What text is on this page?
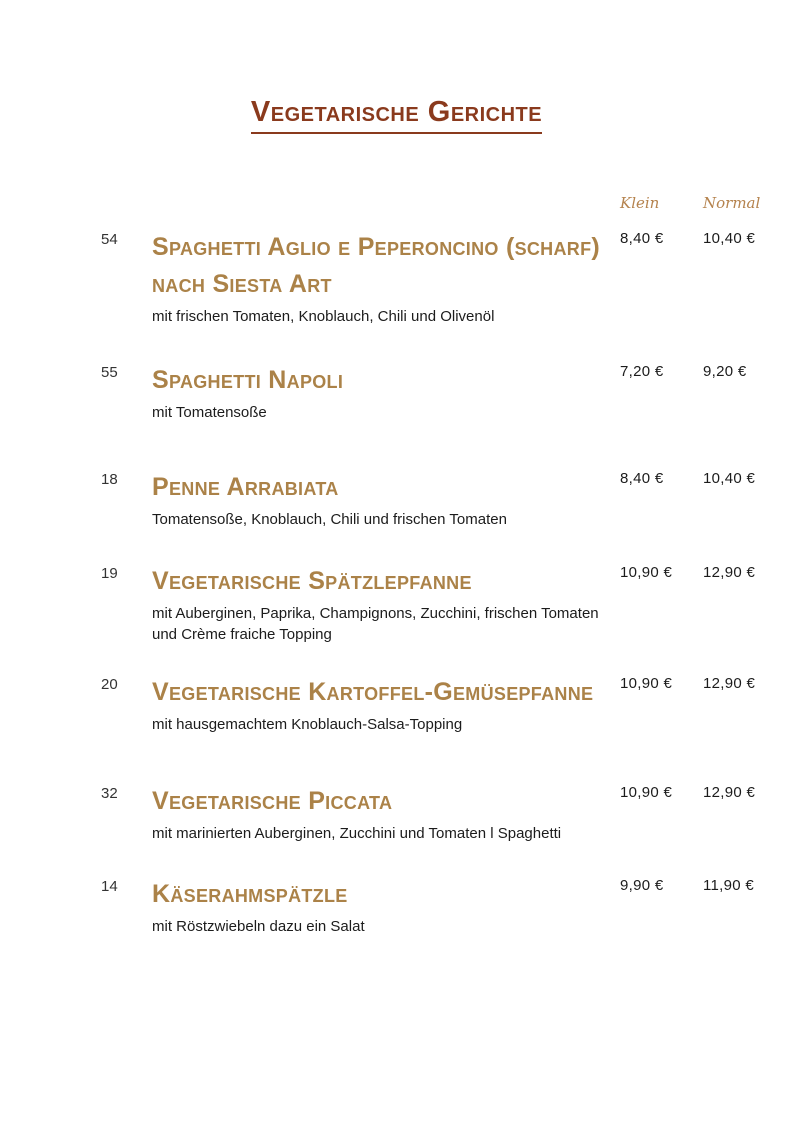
Vegetarische Gerichte
Klein	Normal
54 Spaghetti Aglio e Peperoncino (scharf) nach Siesta Art
mit frischen Tomaten, Knoblauch, Chili und Olivenöl
8,40 €	10,40 €
55 Spaghetti Napoli
mit Tomatensoße
7,20 €	9,20 €
18 Penne Arrabiata
Tomatensoße, Knoblauch, Chili und frischen Tomaten
8,40 €	10,40 €
19 Vegetarische Spätzlepfanne
mit Auberginen, Paprika, Champignons, Zucchini, frischen Tomaten und Crème fraiche Topping
10,90 € 12,90 €
20 Vegetarische Kartoffel-Gemüsepfanne
mit hausgemachtem Knoblauch-Salsa-Topping
10,90 € 12,90 €
32 Vegetarische Piccata
mit marinierten Auberginen, Zucchini und Tomaten l Spaghetti
10,90 € 12,90 €
14 Käserahmspätzle
mit Röstzwiebeln dazu ein Salat
9,90 €	11,90 €
